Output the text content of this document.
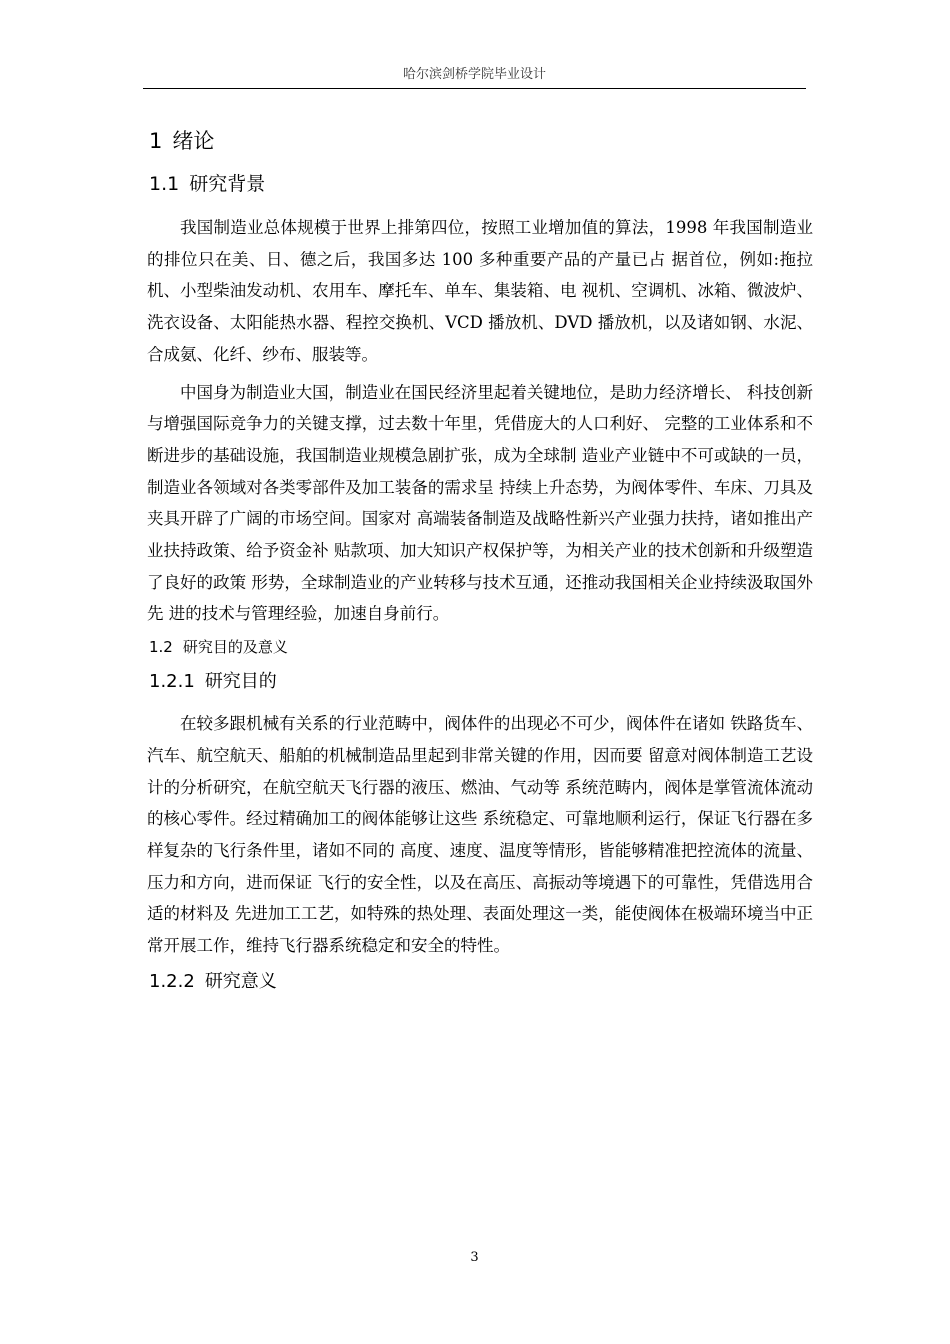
哈尔滨剑桥学院毕业设计
1 绪论
1.1 研究背景

我国制造业总体规模于世界上排第四位，按照工业增加值的算法，1998 年我国制造业的排位只在美、日、德之后，我国多达 100 多种重要产品的产量已占 据首位，例如:拖拉机、小型柴油发动机、农用车、摩托车、单车、集装箱、电 视机、空调机、冰箱、微波炉、洗衣设备、太阳能热水器、程控交换机、VCD 播放机、DVD 播放机，以及诸如钢、水泥、合成氨、化纤、纱布、服装等。

中国身为制造业大国，制造业在国民经济里起着关键地位，是助力经济增长、 科技创新与增强国际竞争力的关键支撑，过去数十年里，凭借庞大的人口利好、 完整的工业体系和不断进步的基础设施，我国制造业规模急剧扩张，成为全球制 造业产业链中不可或缺的一员，制造业各领域对各类零部件及加工装备的需求呈 持续上升态势，为阀体零件、车床、刀具及夹具开辟了广阔的市场空间。国家对 高端装备制造及战略性新兴产业强力扶持，诸如推出产业扶持政策、给予资金补 贴款项、加大知识产权保护等，为相关产业的技术创新和升级塑造了良好的政策 形势，全球制造业的产业转移与技术互通，还推动我国相关企业持续汲取国外先 进的技术与管理经验，加速自身前行。

1.2 研究目的及意义
1.2.1 研究目的

在较多跟机械有关系的行业范畴中，阀体件的出现必不可少，阀体件在诸如 铁路货车、汽车、航空航天、船舶的机械制造品里起到非常关键的作用，因而要 留意对阀体制造工艺设计的分析研究，在航空航天飞行器的液压、燃油、气动等 系统范畴内，阀体是掌管流体流动的核心零件。经过精确加工的阀体能够让这些 系统稳定、可靠地顺利运行，保证飞行器在多样复杂的飞行条件里，诸如不同的 高度、速度、温度等情形，皆能够精准把控流体的流量、压力和方向，进而保证 飞行的安全性，以及在高压、高振动等境遇下的可靠性，凭借选用合适的材料及 先进加工工艺，如特殊的热处理、表面处理这一类，能使阀体在极端环境当中正 常开展工作，维持飞行器系统稳定和安全的特性。

1.2.2 研究意义
3
